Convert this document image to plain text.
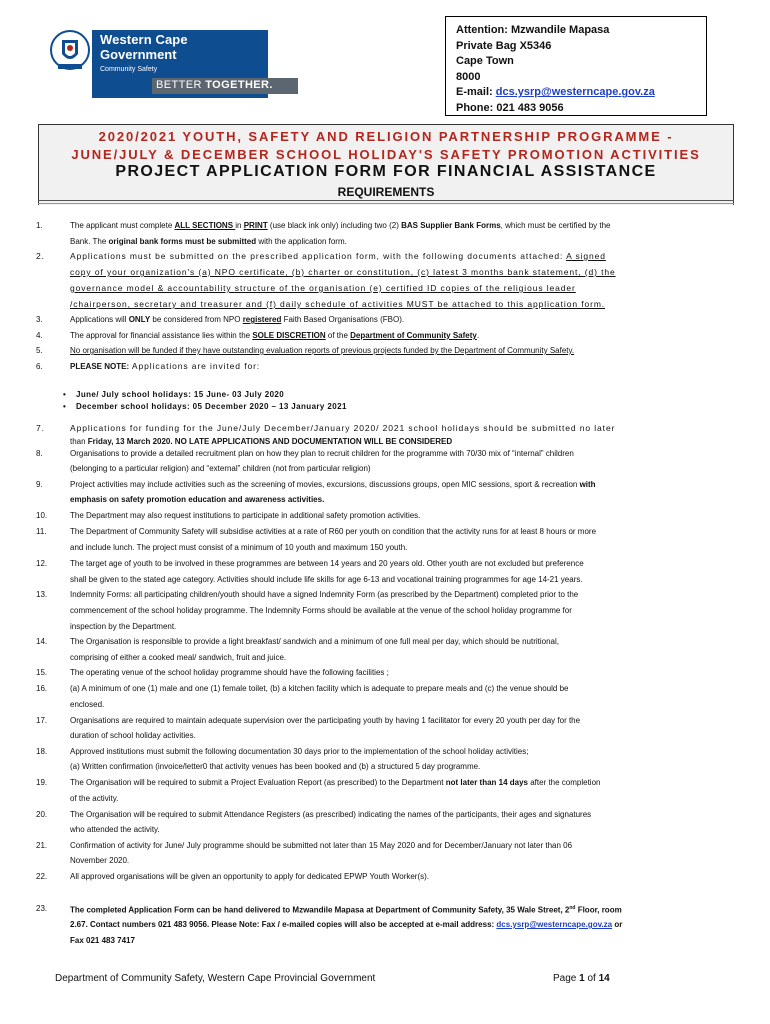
Western Cape
Government
Community Safety
BETTER TOGETHER.
Attention: Mzwandile Mapasa
Private Bag X5346
Cape Town
8000
E-mail: dcs.ysrp@westerncape.gov.za
Phone: 021 483 9056
2020/2021 YOUTH, SAFETY AND RELIGION PARTNERSHIP PROGRAMME -
JUNE/JULY & DECEMBER SCHOOL HOLIDAY'S SAFETY PROMOTION ACTIVITIES
PROJECT APPLICATION FORM FOR FINANCIAL ASSISTANCE
REQUIREMENTS
1.	The applicant must complete ALL SECTIONS in PRINT (use black ink only) including two (2) BAS Supplier Bank Forms, which must be certified by the
Bank. The original bank forms must be submitted with the application form.
2.	Applications must be submitted on the prescribed application form, with the following documents attached: A signed
copy of your organization's (a) NPO certificate, (b) charter or constitution, (c) latest 3 months bank statement, (d) the
governance model & accountability structure of the organisation (e) certified ID copies of the religious leader
/chairperson, secretary and treasurer and (f) daily schedule of activities MUST be attached to this application form.
3.	Applications will ONLY be considered from NPO registered Faith Based Organisations (FBO).
4.	The approval for financial assistance lies within the SOLE DISCRETION of the Department of Community Safety.
5.	No organisation will be funded if they have outstanding evaluation reports of previous projects funded by the Department of Community Safety.
6.	PLEASE NOTE: Applications are invited for:
• June/ July school holidays: 15 June- 03 July 2020
• December school holidays: 05 December 2020 – 13 January 2021
7.	Applications for funding for the June/July December/January 2020/ 2021 school holidays should be submitted no later
than Friday, 13 March 2020. NO LATE APPLICATIONS AND DOCUMENTATION WILL BE CONSIDERED
8.	Organisations to provide a detailed recruitment plan on how they plan to recruit children for the programme with 70/30 mix of “internal” children
(belonging to a particular religion) and “external” children (not from particular religion)
9.	Project activities may include activities such as the screening of movies, excursions, discussions groups, open MIC sessions, sport & recreation with
emphasis on safety promotion education and awareness activities.
10.	The Department may also request institutions to participate in additional safety promotion activities.
11.	The Department of Community Safety will subsidise activities at a rate of R60 per youth on condition that the activity runs for at least 8 hours or more
and include lunch. The project must consist of a minimum of 10 youth and maximum 150 youth.
12.	The target age of youth to be involved in these programmes are between 14 years and 20 years old. Other youth are not excluded but preference
shall be given to the stated age category. Activities should include life skills for age 6-13 and vocational training programmes for age 14-21 years.
13.	Indemnity Forms: all participating children/youth should have a signed Indemnity Form (as prescribed by the Department) completed prior to the
commencement of the school holiday programme. The Indemnity Forms should be available at the venue of the school holiday programme for
inspection by the Department.
14.	The Organisation is responsible to provide a light breakfast/ sandwich and a minimum of one full meal per day, which should be nutritional,
comprising of either a cooked meal/ sandwich, fruit and juice.
15.	The operating venue of the school holiday programme should have the following facilities ;
16.	(a) A minimum of one (1) male and one (1) female toilet, (b) a kitchen facility which is adequate to prepare meals and (c) the venue should be
enclosed.
17.	Organisations are required to maintain adequate supervision over the participating youth by having 1 facilitator for every 20 youth per day for the
duration of school holiday activities.
18.	Approved institutions must submit the following documentation 30 days prior to the implementation of the school holiday activities;
(a) Written confirmation (invoice/letter0 that activity venues has been booked and (b) a structured 5 day programme.
19.	The Organisation will be required to submit a Project Evaluation Report (as prescribed) to the Department not later than 14 days after the completion
of the activity.
20.	The Organisation will be required to submit Attendance Registers (as prescribed) indicating the names of the participants, their ages and signatures
who attended the activity.
21.	Confirmation of activity for June/ July programme should be submitted not later than 15 May 2020 and for December/January not later than 06
November 2020.
22.	All approved organisations will be given an opportunity to apply for dedicated EPWP Youth Worker(s).
23.	The completed Application Form can be hand delivered to Mzwandile Mapasa at Department of Community Safety, 35 Wale Street, 2nd Floor, room
2.67. Contact numbers 021 483 9056. Please Note: Fax / e-mailed copies will also be accepted at e-mail address: dcs.ysrp@westerncape.gov.za or
Fax 021 483 7417
Department of Community Safety, Western Cape Provincial Government	Page 1 of 14
